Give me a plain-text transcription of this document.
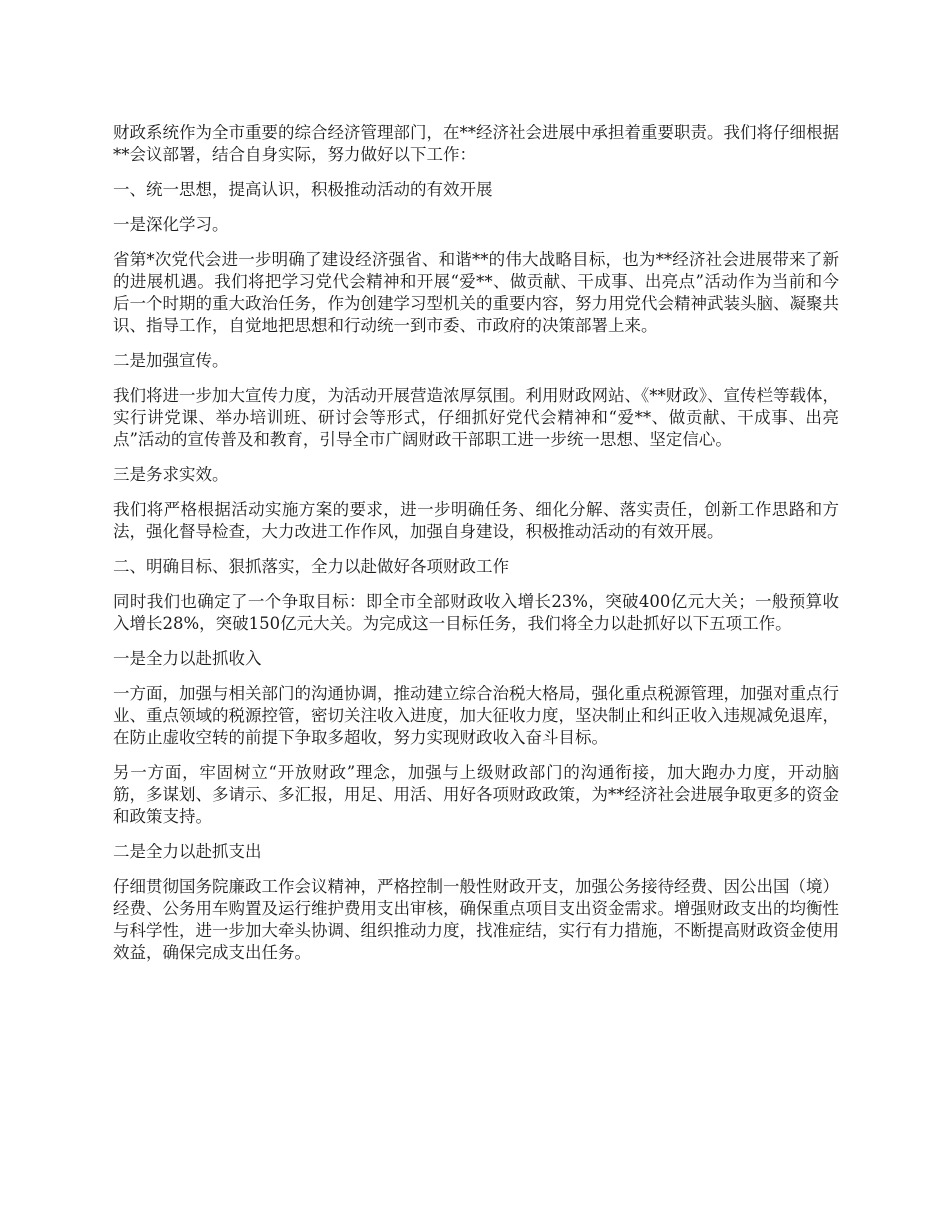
财政系统作为全市重要的综合经济管理部门，在**经济社会进展中承担着重要职责。我们将仔细根据**会议部署，结合自身实际，努力做好以下工作：

一、统一思想，提高认识，积极推动活动的有效开展

一是深化学习。

省第*次党代会进一步明确了建设经济强省、和谐**的伟大战略目标，也为**经济社会进展带来了新的进展机遇。我们将把学习党代会精神和开展“爱**、做贡献、干成事、出亮点”活动作为当前和今后一个时期的重大政治任务，作为创建学习型机关的重要内容，努力用党代会精神武装头脑、凝聚共识、指导工作，自觉地把思想和行动统一到市委、市政府的决策部署上来。

二是加强宣传。

我们将进一步加大宣传力度，为活动开展营造浓厚氛围。利用财政网站、《**财政》、宣传栏等载体，实行讲党课、举办培训班、研讨会等形式，仔细抓好党代会精神和“爱**、做贡献、干成事、出亮点”活动的宣传普及和教育，引导全市广阔财政干部职工进一步统一思想、坚定信心。

三是务求实效。

我们将严格根据活动实施方案的要求，进一步明确任务、细化分解、落实责任，创新工作思路和方法，强化督导检查，大力改进工作作风，加强自身建设，积极推动活动的有效开展。

二、明确目标、狠抓落实，全力以赴做好各项财政工作

同时我们也确定了一个争取目标：即全市全部财政收入增长23%，突破400亿元大关；一般预算收入增长28%，突破150亿元大关。为完成这一目标任务，我们将全力以赴抓好以下五项工作。

一是全力以赴抓收入

一方面，加强与相关部门的沟通协调，推动建立综合治税大格局，强化重点税源管理，加强对重点行业、重点领域的税源控管，密切关注收入进度，加大征收力度，坚决制止和纠正收入违规减免退库，在防止虚收空转的前提下争取多超收，努力实现财政收入奋斗目标。

另一方面，牢固树立“开放财政”理念，加强与上级财政部门的沟通衔接，加大跑办力度，开动脑筋，多谋划、多请示、多汇报，用足、用活、用好各项财政政策，为**经济社会进展争取更多的资金和政策支持。

二是全力以赴抓支出

仔细贯彻国务院廉政工作会议精神，严格控制一般性财政开支，加强公务接待经费、因公出国（境）经费、公务用车购置及运行维护费用支出审核，确保重点项目支出资金需求。增强财政支出的均衡性与科学性，进一步加大牵头协调、组织推动力度，找准症结，实行有力措施，不断提高财政资金使用效益，确保完成支出任务。
